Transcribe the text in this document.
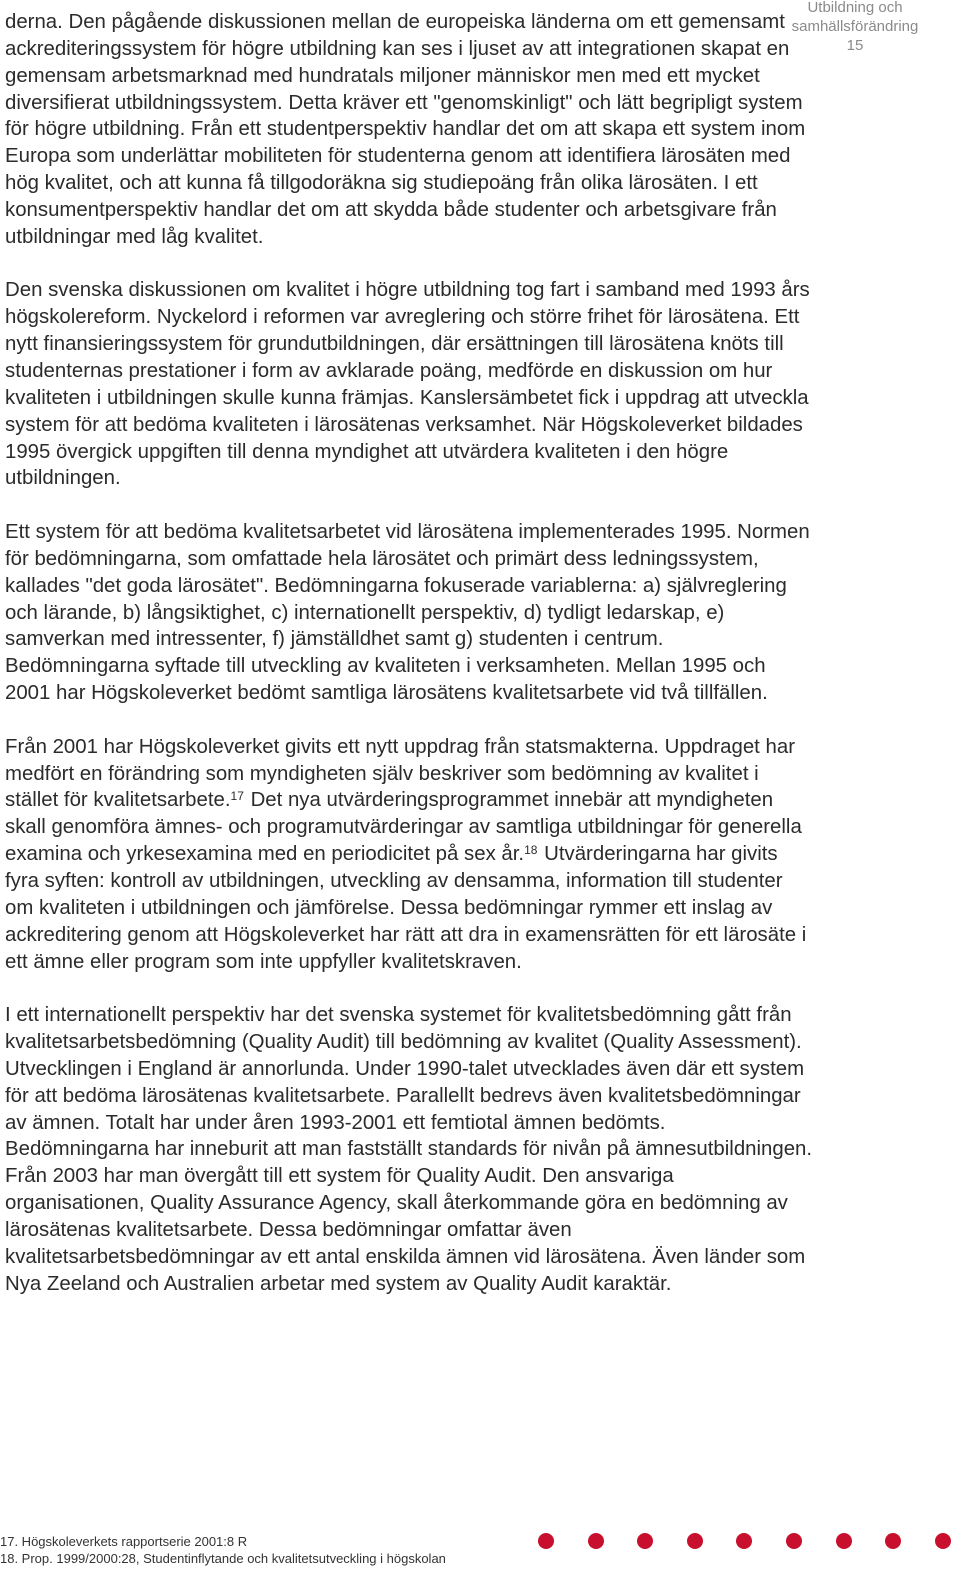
Utbildning och
samhällsförändring
15

derna. Den pågående diskussionen mellan de europeiska länderna om ett gemensamt ackrediteringssystem för högre utbildning kan ses i ljuset av att integrationen skapat en gemensam arbetsmarknad med hundratals miljoner människor men med ett mycket diversifierat utbildningssystem. Detta kräver ett "genomskinligt" och lätt begripligt system för högre utbildning. Från ett studentperspektiv handlar det om att skapa ett system inom Europa som underlättar mobiliteten för studenterna genom att identifiera lärosäten med hög kvalitet, och att kunna få tillgodoräkna sig studiepoäng från olika lärosäten. I ett konsumentperspektiv handlar det om att skydda både studenter och arbetsgivare från utbildningar med låg kvalitet.

Den svenska diskussionen om kvalitet i högre utbildning tog fart i samband med 1993 års högskolereform. Nyckelord i reformen var avreglering och större frihet för lärosätena. Ett nytt finansieringssystem för grundutbildningen, där ersättningen till lärosätena knöts till studenternas prestationer i form av avklarade poäng, medförde en diskussion om hur kvaliteten i utbildningen skulle kunna främjas. Kanslersämbetet fick i uppdrag att utveckla system för att bedöma kvaliteten i lärosätenas verksamhet. När Högskoleverket bildades 1995 övergick uppgiften till denna myndighet att utvärdera kvaliteten i den högre utbildningen.

Ett system för att bedöma kvalitetsarbetet vid lärosätena implementerades 1995. Normen för bedömningarna, som omfattade hela lärosätet och primärt dess ledningssystem, kallades "det goda lärosätet". Bedömningarna fokuserade variablerna: a) självreglering och lärande, b) långsiktighet, c) internationellt perspektiv, d) tydligt ledarskap, e) samverkan med intressenter, f) jämställdhet samt g) studenten i centrum. Bedömningarna syftade till utveckling av kvaliteten i verksamheten. Mellan 1995 och 2001 har Högskoleverket bedömt samtliga lärosätens kvalitetsarbete vid två tillfällen.

Från 2001 har Högskoleverket givits ett nytt uppdrag från statsmakterna. Uppdraget har medfört en förändring som myndigheten själv beskriver som bedömning av kvalitet i stället för kvalitetsarbete.$^{17}$ Det nya utvärderingsprogrammet innebär att myndigheten skall genomföra ämnes- och programutvärderingar av samtliga utbildningar för generella examina och yrkesexamina med en periodicitet på sex år.$^{18}$ Utvärderingarna har givits fyra syften: kontroll av utbildningen, utveckling av densamma, information till studenter om kvaliteten i utbildningen och jämförelse. Dessa bedömningar rymmer ett inslag av ackreditering genom att Högskoleverket har rätt att dra in examensrätten för ett lärosäte i ett ämne eller program som inte uppfyller kvalitetskraven.

I ett internationellt perspektiv har det svenska systemet för kvalitetsbedömning gått från kvalitetsarbetsbedömning (Quality Audit) till bedömning av kvalitet (Quality Assessment). Utvecklingen i England är annorlunda. Under 1990-talet utvecklades även där ett system för att bedöma lärosätenas kvalitetsarbete. Parallellt bedrevs även kvalitetsbedömningar av ämnen. Totalt har under åren 1993-2001 ett femtiotal ämnen bedömts. Bedömningarna har inneburit att man fastställt standards för nivån på ämnesutbildningen. Från 2003 har man övergått till ett system för Quality Audit. Den ansvariga organisationen, Quality Assurance Agency, skall återkommande göra en bedömning av lärosätenas kvalitetsarbete. Dessa bedömningar omfattar även kvalitetsarbetsbedömningar av ett antal enskilda ämnen vid lärosätena. Även länder som Nya Zeeland och Australien arbetar med system av Quality Audit karaktär.

17. Högskoleverkets rapportserie 2001:8 R
18. Prop. 1999/2000:28, Studentinflytande och kvalitetsutveckling i högskolan
